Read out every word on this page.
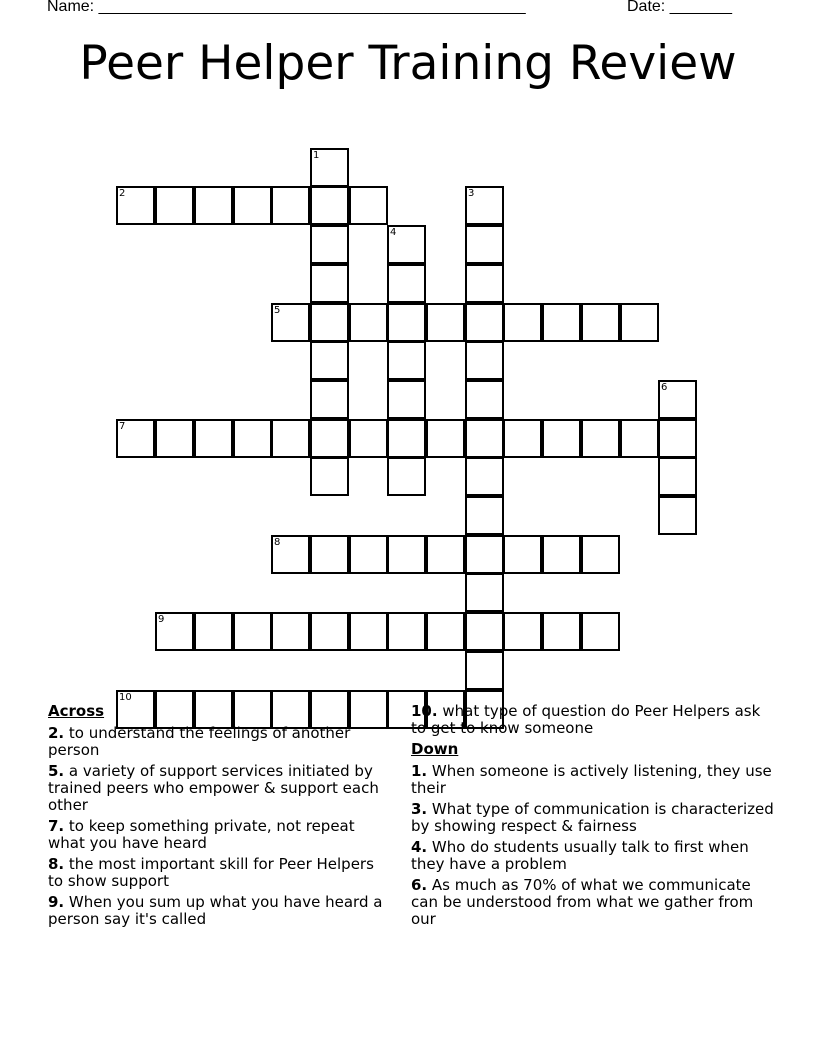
Name: ________________________________________________	Date: _______
Peer Helper Training Review
1
2	3
4
5
6
7
8
9
10
Across
2. to understand the feelings of another person
5. a variety of support services initiated by trained peers who empower & support each other
7. to keep something private, not repeat what you have heard
8. the most important skill for Peer Helpers to show support
9. When you sum up what you have heard a person say it's called
10. what type of question do Peer Helpers ask to get to know someone
Down
1. When someone is actively listening, they use their
3. What type of communication is characterized by showing respect & fairness
4. Who do students usually talk to first when they have a problem
6. As much as 70% of what we communicate can be understood from what we gather from our
